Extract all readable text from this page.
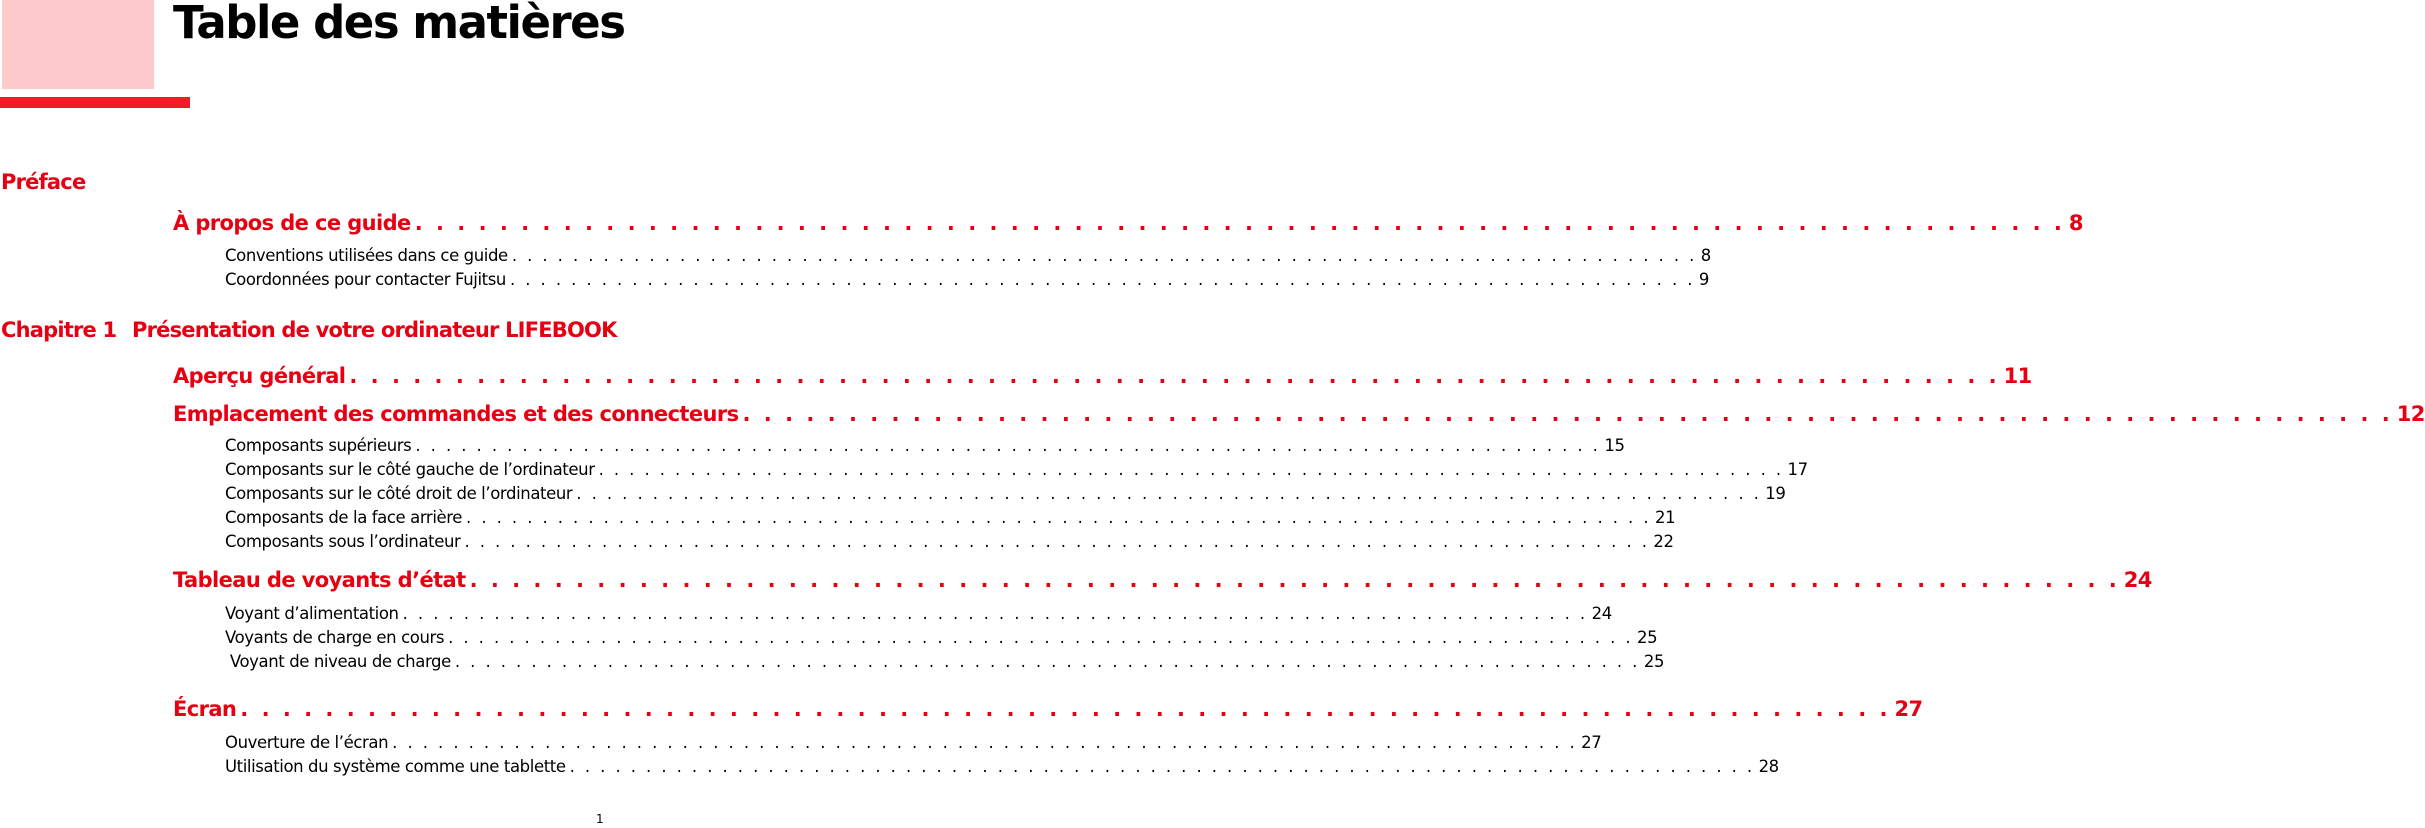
Table des matières
Préface
À propos de ce guide . . . . . . . . . . . . . . . . . . . . . . . . . . . . . . . . . . . . . . . . . . . . . . . . . . . . . . . . . . . . . . . . . . . . . . . . . . . . . . 8
Conventions utilisées dans ce guide . . . . . . . . . . . . . . . . . . . . . . . . . . . . . . . . . . . . . . . . . . . . . . . . . . . . . . . . . . . . . . . . . . . . . . . . . . . . . . 8
Coordonnées pour contacter Fujitsu . . . . . . . . . . . . . . . . . . . . . . . . . . . . . . . . . . . . . . . . . . . . . . . . . . . . . . . . . . . . . . . . . . . . . . . . . . . . . . 9
Chapitre 1 Présentation de votre ordinateur LIFEBOOK
Aperçu général . . . . . . . . . . . . . . . . . . . . . . . . . . . . . . . . . . . . . . . . . . . . . . . . . . . . . . . . . . . . . . . . . . . . . . . . . . . . . . 11
Emplacement des commandes et des connecteurs . . . . . . . . . . . . . . . . . . . . . . . . . . . . . . . . . . . . . . . . . . . . . . . . . . . . . . . . . . . . . . . . . . . . . . . . . . . . . . 12
Composants supérieurs . . . . . . . . . . . . . . . . . . . . . . . . . . . . . . . . . . . . . . . . . . . . . . . . . . . . . . . . . . . . . . . . . . . . . . . . . . . . . . 15
Composants sur le côté gauche de l’ordinateur . . . . . . . . . . . . . . . . . . . . . . . . . . . . . . . . . . . . . . . . . . . . . . . . . . . . . . . . . . . . . . . . . . . . . . . . . . . . . . 17
Composants sur le côté droit de l’ordinateur . . . . . . . . . . . . . . . . . . . . . . . . . . . . . . . . . . . . . . . . . . . . . . . . . . . . . . . . . . . . . . . . . . . . . . . . . . . . . . 19
Composants de la face arrière . . . . . . . . . . . . . . . . . . . . . . . . . . . . . . . . . . . . . . . . . . . . . . . . . . . . . . . . . . . . . . . . . . . . . . . . . . . . . . 21
Composants sous l’ordinateur . . . . . . . . . . . . . . . . . . . . . . . . . . . . . . . . . . . . . . . . . . . . . . . . . . . . . . . . . . . . . . . . . . . . . . . . . . . . . . 22
Tableau de voyants d’état . . . . . . . . . . . . . . . . . . . . . . . . . . . . . . . . . . . . . . . . . . . . . . . . . . . . . . . . . . . . . . . . . . . . . . . . . . . . . . 24
Voyant d’alimentation . . . . . . . . . . . . . . . . . . . . . . . . . . . . . . . . . . . . . . . . . . . . . . . . . . . . . . . . . . . . . . . . . . . . . . . . . . . . . . 24
Voyants de charge en cours . . . . . . . . . . . . . . . . . . . . . . . . . . . . . . . . . . . . . . . . . . . . . . . . . . . . . . . . . . . . . . . . . . . . . . . . . . . . . . 25
Voyant de niveau de charge . . . . . . . . . . . . . . . . . . . . . . . . . . . . . . . . . . . . . . . . . . . . . . . . . . . . . . . . . . . . . . . . . . . . . . . . . . . . . . 25
Écran . . . . . . . . . . . . . . . . . . . . . . . . . . . . . . . . . . . . . . . . . . . . . . . . . . . . . . . . . . . . . . . . . . . . . . . . . . . . . . 27
Ouverture de l’écran . . . . . . . . . . . . . . . . . . . . . . . . . . . . . . . . . . . . . . . . . . . . . . . . . . . . . . . . . . . . . . . . . . . . . . . . . . . . . . 27
Utilisation du système comme une tablette . . . . . . . . . . . . . . . . . . . . . . . . . . . . . . . . . . . . . . . . . . . . . . . . . . . . . . . . . . . . . . . . . . . . . . . . . . . . . . 28
1
